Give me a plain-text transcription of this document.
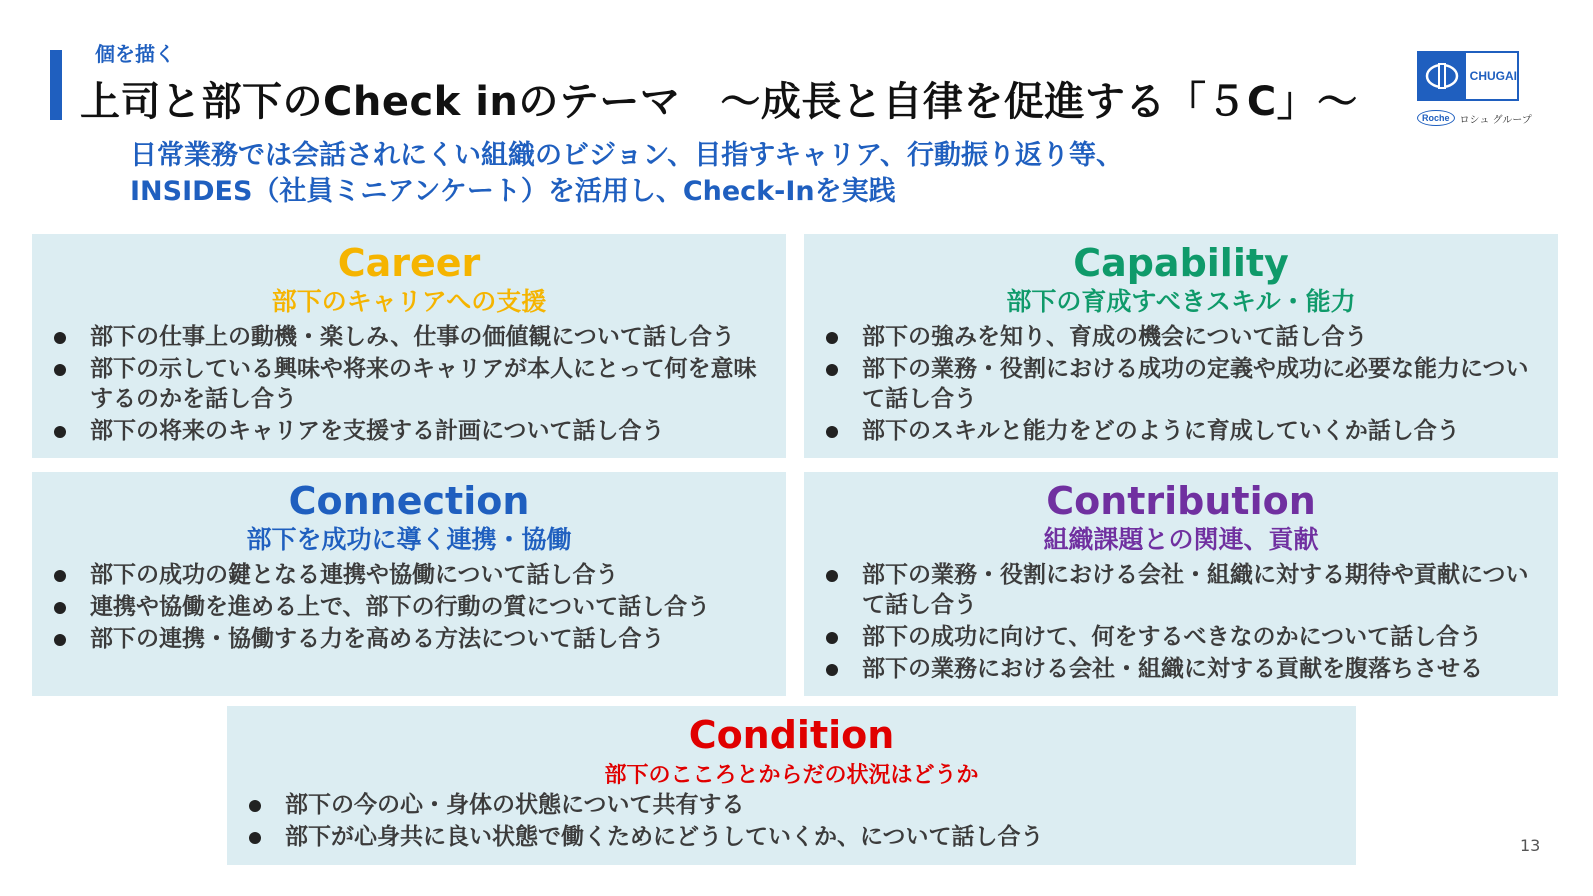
個を描く
上司と部下のCheck inのテーマ ～成長と自律を促進する「５C」～
日常業務では会話されにくい組織のビジョン、目指すキャリア、行動振り返り等、
INSIDES（社員ミニアンケート）を活用し、Check-Inを実践
CHUGAI
Roche	ロシュ グループ
Career
部下のキャリアへの支援
部下の仕事上の動機・楽しみ、仕事の価値観について話し合う
部下の示している興味や将来のキャリアが本人にとって何を意味するのかを話し合う
部下の将来のキャリアを支援する計画について話し合う
Capability
部下の育成すべきスキル・能力
部下の強みを知り、育成の機会について話し合う
部下の業務・役割における成功の定義や成功に必要な能力について話し合う
部下のスキルと能力をどのように育成していくか話し合う
Connection
部下を成功に導く連携・協働
部下の成功の鍵となる連携や協働について話し合う
連携や協働を進める上で、部下の行動の質について話し合う
部下の連携・協働する力を高める方法について話し合う
Contribution
組織課題との関連、貢献
部下の業務・役割における会社・組織に対する期待や貢献について話し合う
部下の成功に向けて、何をするべきなのかについて話し合う
部下の業務における会社・組織に対する貢献を腹落ちさせる
Condition
部下のこころとからだの状況はどうか
部下の今の心・身体の状態について共有する
部下が心身共に良い状態で働くためにどうしていくか、について話し合う	13
